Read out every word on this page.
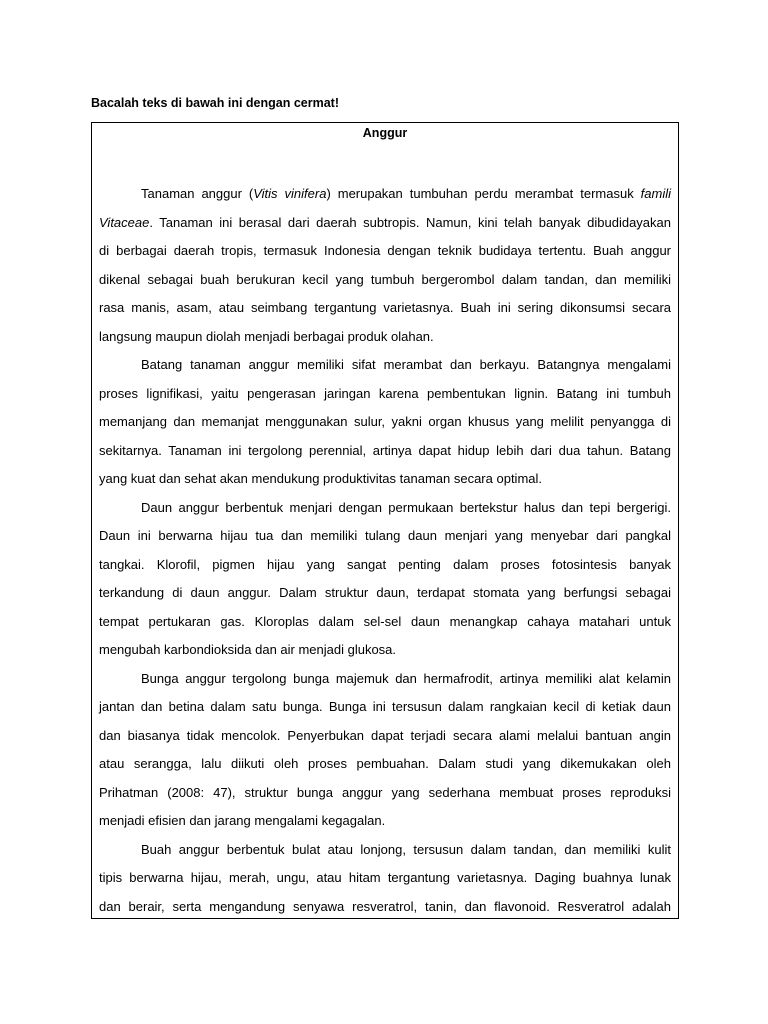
Bacalah teks di bawah ini dengan cermat!
Anggur

Tanaman anggur (Vitis vinifera) merupakan tumbuhan perdu merambat termasuk famili
Vitaceae. Tanaman ini berasal dari daerah subtropis. Namun, kini telah banyak dibudidayakan
di berbagai daerah tropis, termasuk Indonesia dengan teknik budidaya tertentu. Buah anggur
dikenal sebagai buah berukuran kecil yang tumbuh bergerombol dalam tandan, dan memiliki
rasa manis, asam, atau seimbang tergantung varietasnya. Buah ini sering dikonsumsi secara
langsung maupun diolah menjadi berbagai produk olahan.

Batang tanaman anggur memiliki sifat merambat dan berkayu. Batangnya mengalami
proses lignifikasi, yaitu pengerasan jaringan karena pembentukan lignin. Batang ini tumbuh
memanjang dan memanjat menggunakan sulur, yakni organ khusus yang melilit penyangga di
sekitarnya. Tanaman ini tergolong perennial, artinya dapat hidup lebih dari dua tahun. Batang
yang kuat dan sehat akan mendukung produktivitas tanaman secara optimal.

Daun anggur berbentuk menjari dengan permukaan bertekstur halus dan tepi bergerigi.
Daun ini berwarna hijau tua dan memiliki tulang daun menjari yang menyebar dari pangkal
tangkai. Klorofil, pigmen hijau yang sangat penting dalam proses fotosintesis banyak
terkandung di daun anggur. Dalam struktur daun, terdapat stomata yang berfungsi sebagai
tempat pertukaran gas. Kloroplas dalam sel-sel daun menangkap cahaya matahari untuk
mengubah karbondioksida dan air menjadi glukosa.

Bunga anggur tergolong bunga majemuk dan hermafrodit, artinya memiliki alat kelamin
jantan dan betina dalam satu bunga. Bunga ini tersusun dalam rangkaian kecil di ketiak daun
dan biasanya tidak mencolok. Penyerbukan dapat terjadi secara alami melalui bantuan angin
atau serangga, lalu diikuti oleh proses pembuahan. Dalam studi yang dikemukakan oleh
Prihatman (2008: 47), struktur bunga anggur yang sederhana membuat proses reproduksi
menjadi efisien dan jarang mengalami kegagalan.

Buah anggur berbentuk bulat atau lonjong, tersusun dalam tandan, dan memiliki kulit
tipis berwarna hijau, merah, ungu, atau hitam tergantung varietasnya. Daging buahnya lunak
dan berair, serta mengandung senyawa resveratrol, tanin, dan flavonoid. Resveratrol adalah
